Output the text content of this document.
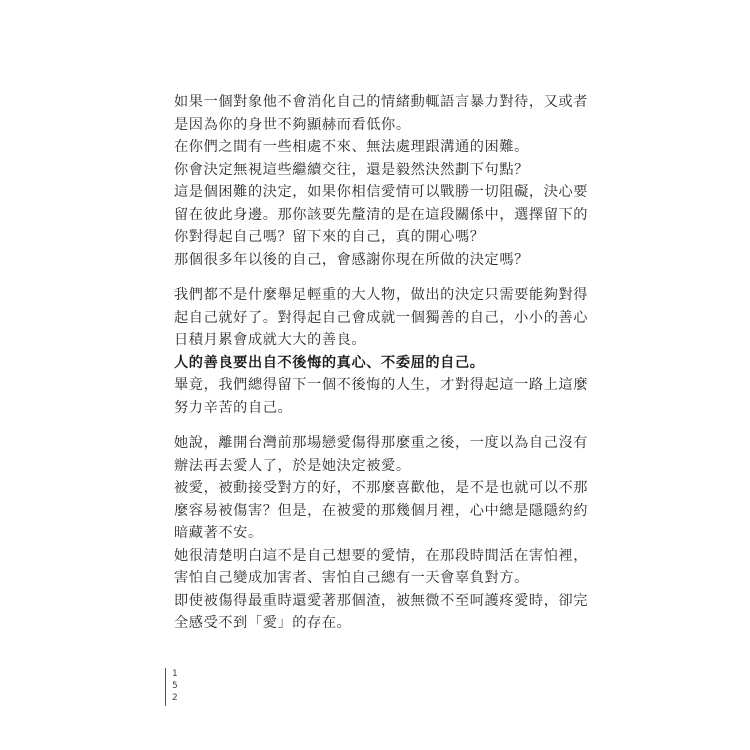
如果一個對象他不會消化自己的情緒動輒語言暴力對待，又或者
是因為你的身世不夠顯赫而看低你。
在你們之間有一些相處不來、無法處理跟溝通的困難。
你會決定無視這些繼續交往，還是毅然決然劃下句點？
這是個困難的決定，如果你相信愛情可以戰勝一切阻礙，決心要
留在彼此身邊。那你該要先釐清的是在這段關係中，選擇留下的
你對得起自己嗎？留下來的自己，真的開心嗎？
那個很多年以後的自己，會感謝你現在所做的決定嗎？
我們都不是什麼舉足輕重的大人物，做出的決定只需要能夠對得
起自己就好了。對得起自己會成就一個獨善的自己，小小的善心
日積月累會成就大大的善良。
人的善良要出自不後悔的真心、不委屈的自己。
畢竟，我們總得留下一個不後悔的人生，才對得起這一路上這麼
努力辛苦的自己。
她說，離開台灣前那場戀愛傷得那麼重之後，一度以為自己沒有
辦法再去愛人了，於是她決定被愛。
被愛，被動接受對方的好，不那麼喜歡他，是不是也就可以不那
麼容易被傷害？但是，在被愛的那幾個月裡，心中總是隱隱約約
暗藏著不安。
她很清楚明白這不是自己想要的愛情，在那段時間活在害怕裡，
害怕自己變成加害者、害怕自己總有一天會辜負對方。
即使被傷得最重時還愛著那個渣，被無微不至呵護疼愛時，卻完
全感受不到「愛」的存在。
1
5
2
